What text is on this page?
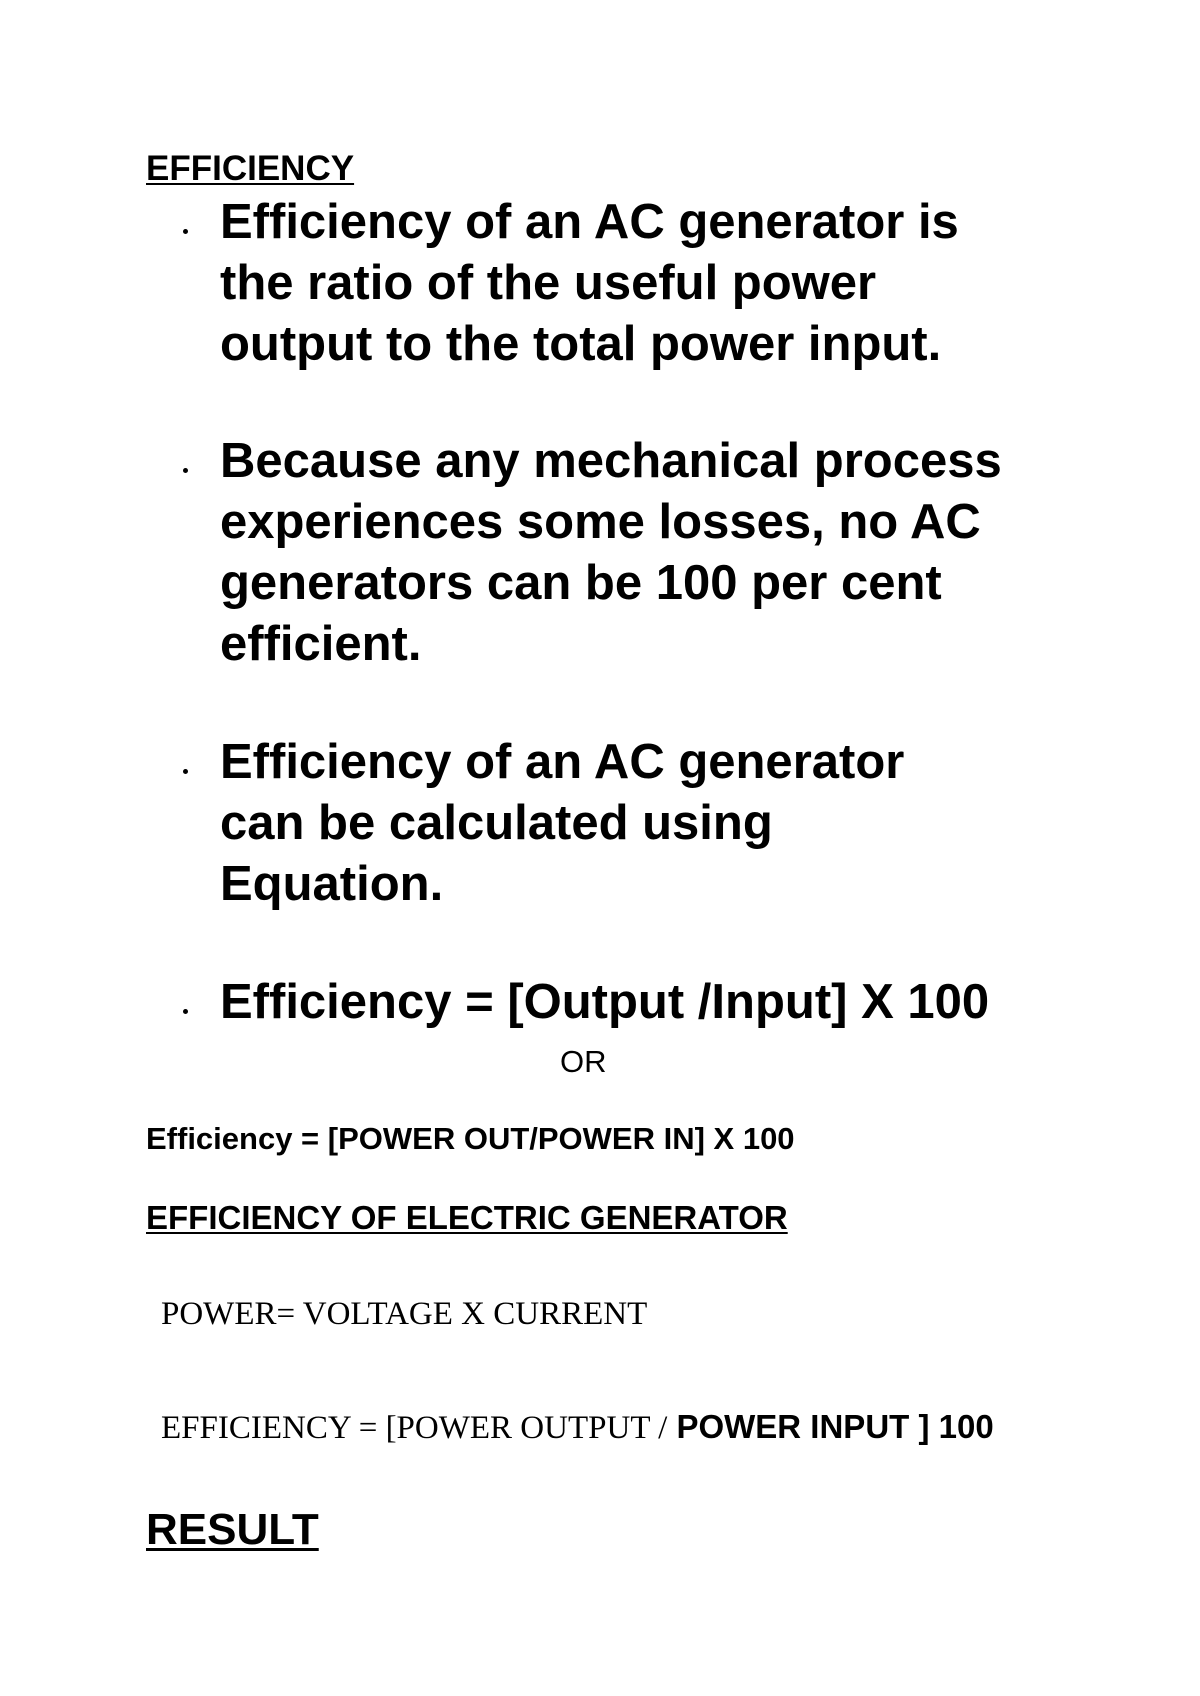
EFFICIENCY
Efficiency of an AC generator is
the ratio of the useful power
output to the total power input.
Because any mechanical process
experiences some losses, no AC
generators can be 100 per cent
efficient.
Efficiency of an AC generator
can be calculated using
Equation.
Efficiency = [Output /Input] X 100
OR
Efficiency = [POWER OUT/POWER IN] X 100
EFFICIENCY OF ELECTRIC GENERATOR
POWER= VOLTAGE X CURRENT
EFFICIENCY = [POWER OUTPUT / POWER INPUT ] 100
RESULT
